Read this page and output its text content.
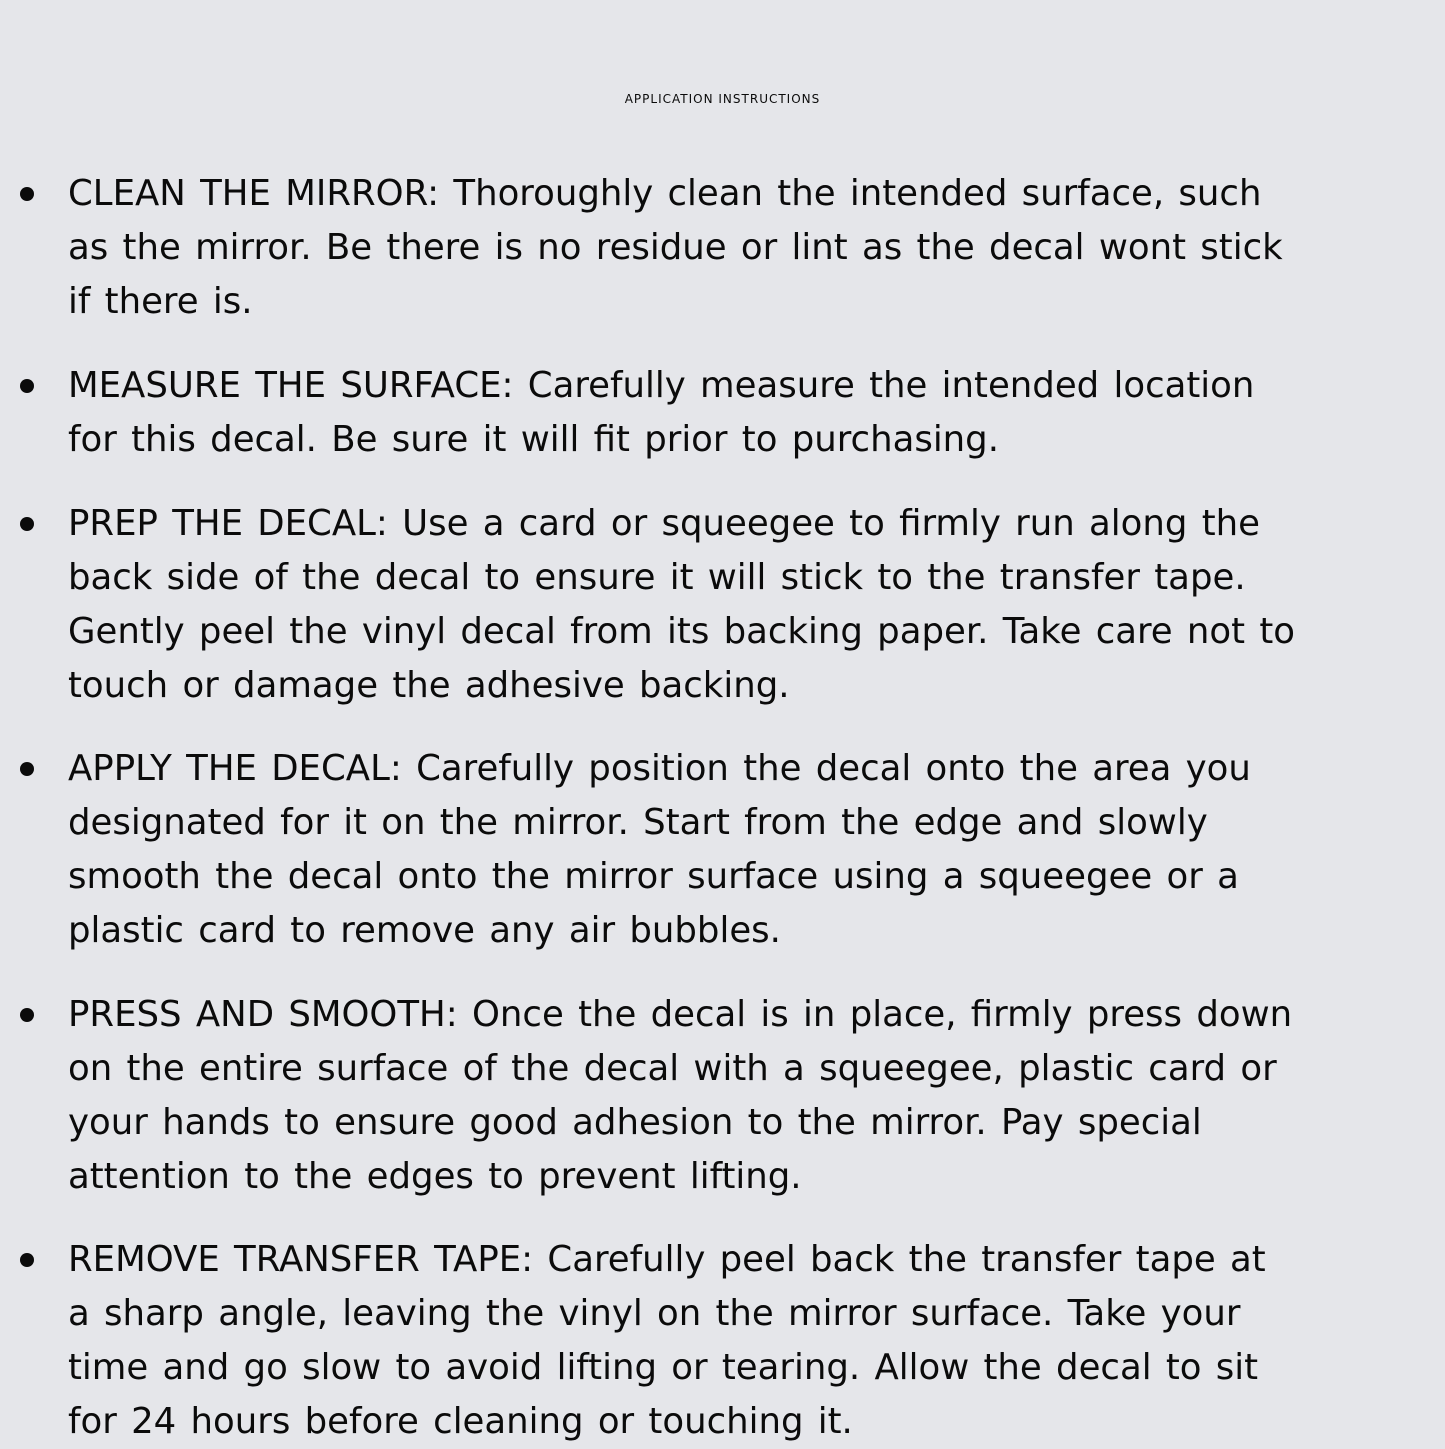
APPLICATION INSTRUCTIONS
CLEAN THE MIRROR: Thoroughly clean the intended surface, such
as the mirror. Be there is no residue or lint as the decal wont stick
if there is.
MEASURE THE SURFACE: Carefully measure the intended location
for this decal. Be sure it will fit prior to purchasing.
PREP THE DECAL: Use a card or squeegee to firmly run along the
back side of the decal to ensure it will stick to the transfer tape.
Gently peel the vinyl decal from its backing paper. Take care not to
touch or damage the adhesive backing.
APPLY THE DECAL: Carefully position the decal onto the area you
designated for it on the mirror. Start from the edge and slowly
smooth the decal onto the mirror surface using a squeegee or a
plastic card to remove any air bubbles.
PRESS AND SMOOTH: Once the decal is in place, firmly press down
on the entire surface of the decal with a squeegee, plastic card or
your hands to ensure good adhesion to the mirror. Pay special
attention to the edges to prevent lifting.
REMOVE TRANSFER TAPE: Carefully peel back the transfer tape at
a sharp angle, leaving the vinyl on the mirror surface. Take your
time and go slow to avoid lifting or tearing. Allow the decal to sit
for 24 hours before cleaning or touching it.
